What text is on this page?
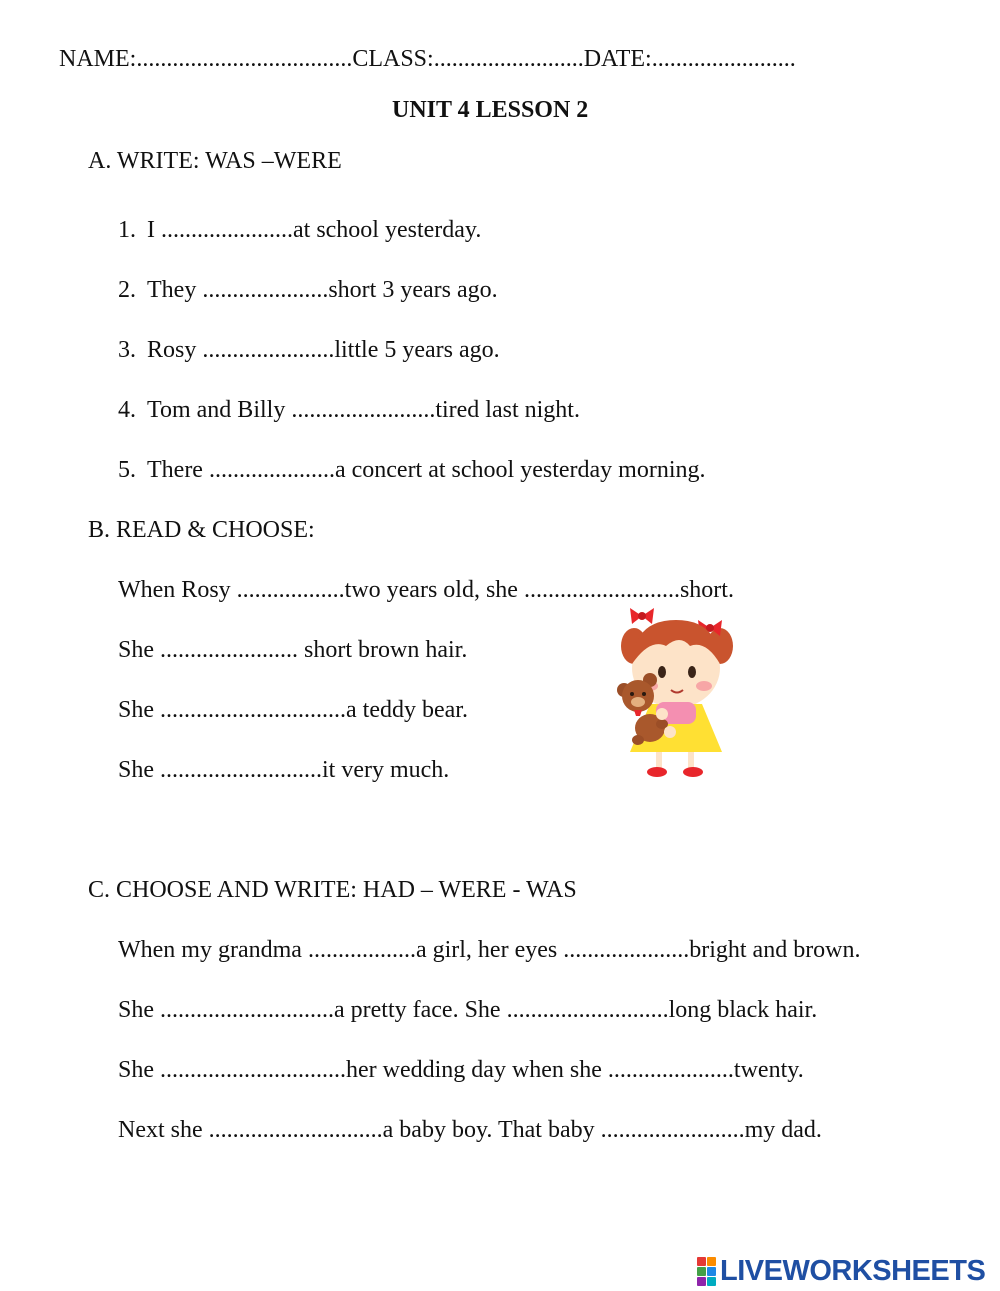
NAME:....................................CLASS:.........................DATE:........................
UNIT 4 LESSON 2
A. WRITE: WAS –WERE
1. I ......................at school yesterday.
2. They .....................short 3 years ago.
3. Rosy ......................little 5 years ago.
4. Tom and Billy ........................tired last night.
5. There .....................a concert at school yesterday morning.
B. READ & CHOOSE:
When Rosy ..................two years old, she ..........................short.
She ....................... short brown hair.
She ...............................a teddy bear.
She ...........................it very much.
C. CHOOSE AND WRITE: HAD – WERE - WAS
When my grandma ..................a girl, her eyes .....................bright and brown.
She .............................a pretty face. She ...........................long black hair.
She ...............................her wedding day when she .....................twenty.
Next she .............................a baby boy. That baby ........................my dad.
LIVEWORKSHEETS
